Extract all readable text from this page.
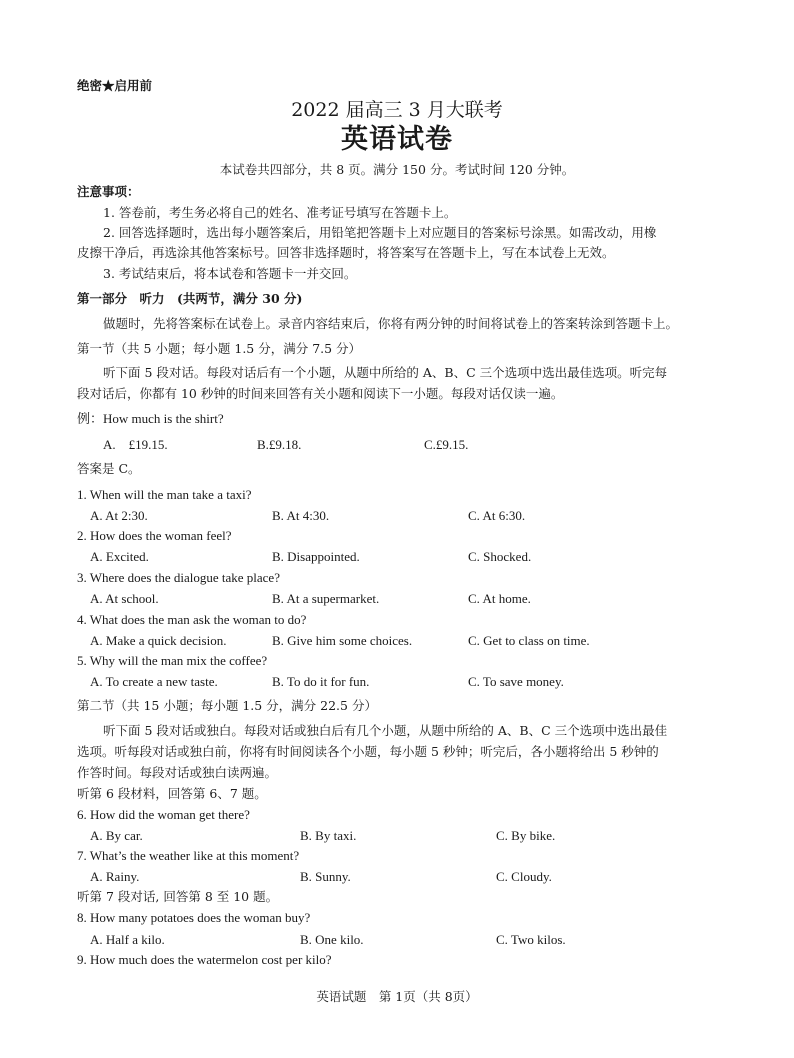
绝密★启用前
2022 届高三 3 月大联考
英语试卷
本试卷共四部分，共 8 页。满分 150 分。考试时间 120 分钟。
注意事项：
1. 答卷前，考生务必将自己的姓名、准考证号填写在答题卡上。
2. 回答选择题时，选出每小题答案后，用铅笔把答题卡上对应题目的答案标号涂黑。如需改动，用橡
皮擦干净后，再选涂其他答案标号。回答非选择题时，将答案写在答题卡上，写在本试卷上无效。
3. 考试结束后，将本试卷和答题卡一并交回。
第一部分　听力　(共两节，满分 30 分)
做题时，先将答案标在试卷上。录音内容结束后，你将有两分钟的时间将试卷上的答案转涂到答题卡上。
第一节（共 5 小题；每小题 1.5 分，满分 7.5 分）
听下面 5 段对话。每段对话后有一个小题，从题中所给的 A、B、C 三个选项中选出最佳选项。听完每
段对话后，你都有 10 秒钟的时间来回答有关小题和阅读下一小题。每段对话仅读一遍。
例：How much is the shirt?
A.　£19.15.	B.£9.18.	C.£9.15.
答案是 C。
1. When will the man take a taxi?
A. At 2:30.	B. At 4:30.	C. At 6:30.
2. How does the woman feel?
A. Excited.	B. Disappointed.	C. Shocked.
3. Where does the dialogue take place?
A. At school.	B. At a supermarket.	C. At home.
4. What does the man ask the woman to do?
A. Make a quick decision.	B. Give him some choices.	C. Get to class on time.
5. Why will the man mix the coffee?
A. To create a new taste.	B. To do it for fun.	C. To save money.
第二节（共 15 小题；每小题 1.5 分，满分 22.5 分）
听下面 5 段对话或独白。每段对话或独白后有几个小题，从题中所给的 A、B、C 三个选项中选出最佳
选项。听每段对话或独白前，你将有时间阅读各个小题，每小题 5 秒钟；听完后，各小题将给出 5 秒钟的
作答时间。每段对话或独白读两遍。
听第 6 段材料，回答第 6、7 题。
6. How did the woman get there?
A. By car.	B. By taxi.	C. By bike.
7. What’s the weather like at this moment?
A. Rainy.	B. Sunny.	C. Cloudy.
听第 7 段对话, 回答第 8 至 10 题。
8. How many potatoes does the woman buy?
A. Half a kilo.	B. One kilo.	C. Two kilos.
9. How much does the watermelon cost per kilo?
英语试题　第 1页（共 8页）
